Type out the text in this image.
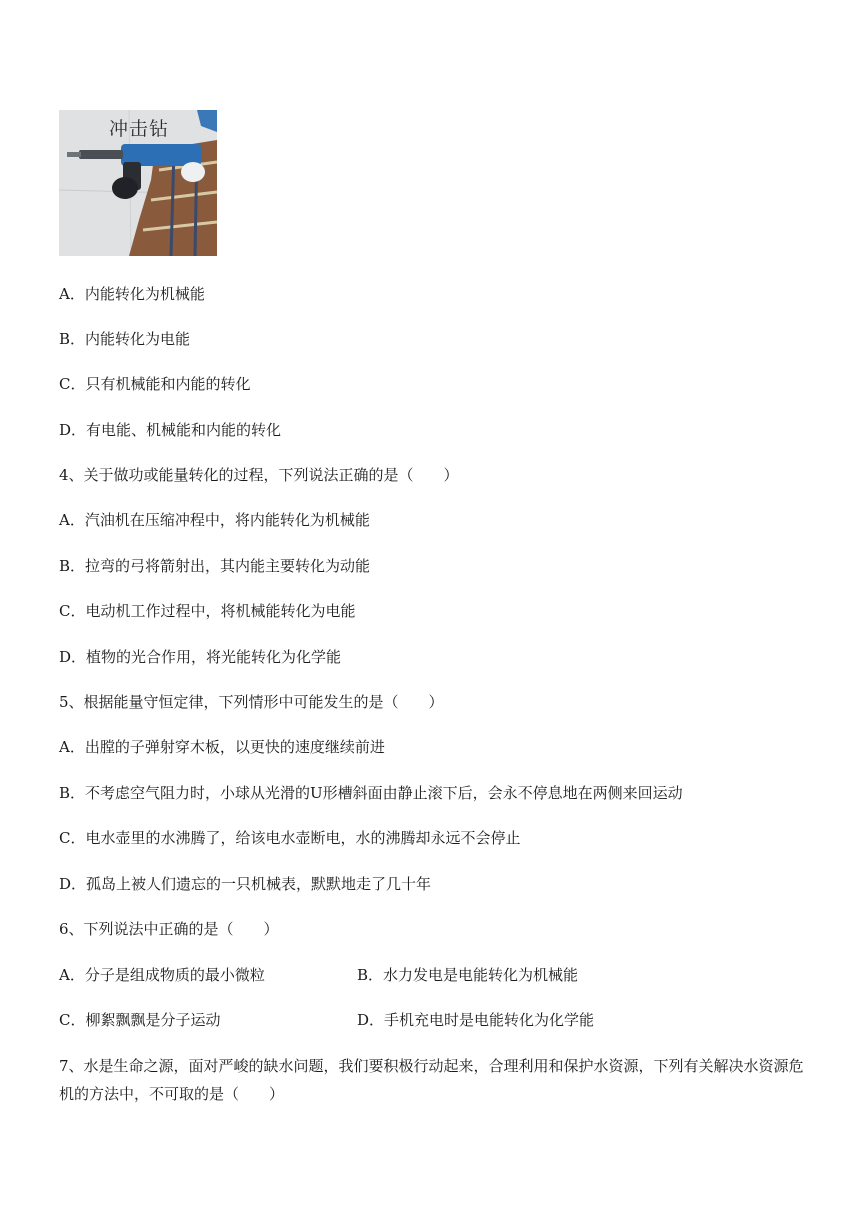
冲击钻
A．内能转化为机械能
B．内能转化为电能
C．只有机械能和内能的转化
D．有电能、机械能和内能的转化
4、关于做功或能量转化的过程，下列说法正确的是（　　）
A．汽油机在压缩冲程中，将内能转化为机械能
B．拉弯的弓将箭射出，其内能主要转化为动能
C．电动机工作过程中，将机械能转化为电能
D．植物的光合作用，将光能转化为化学能
5、根据能量守恒定律，下列情形中可能发生的是（　　）
A．出膛的子弹射穿木板，以更快的速度继续前进
B．不考虑空气阻力时，小球从光滑的U形槽斜面由静止滚下后，会永不停息地在两侧来回运动
C．电水壶里的水沸腾了，给该电水壶断电，水的沸腾却永远不会停止
D．孤岛上被人们遗忘的一只机械表，默默地走了几十年
6、下列说法中正确的是（　　）
A．分子是组成物质的最小微粒	B．水力发电是电能转化为机械能
C．柳絮飘飘是分子运动	D．手机充电时是电能转化为化学能
7、水是生命之源，面对严峻的缺水问题，我们要积极行动起来，合理利用和保护水资源，下列有关解决水资源危机的方法中，不可取的是（　　）
